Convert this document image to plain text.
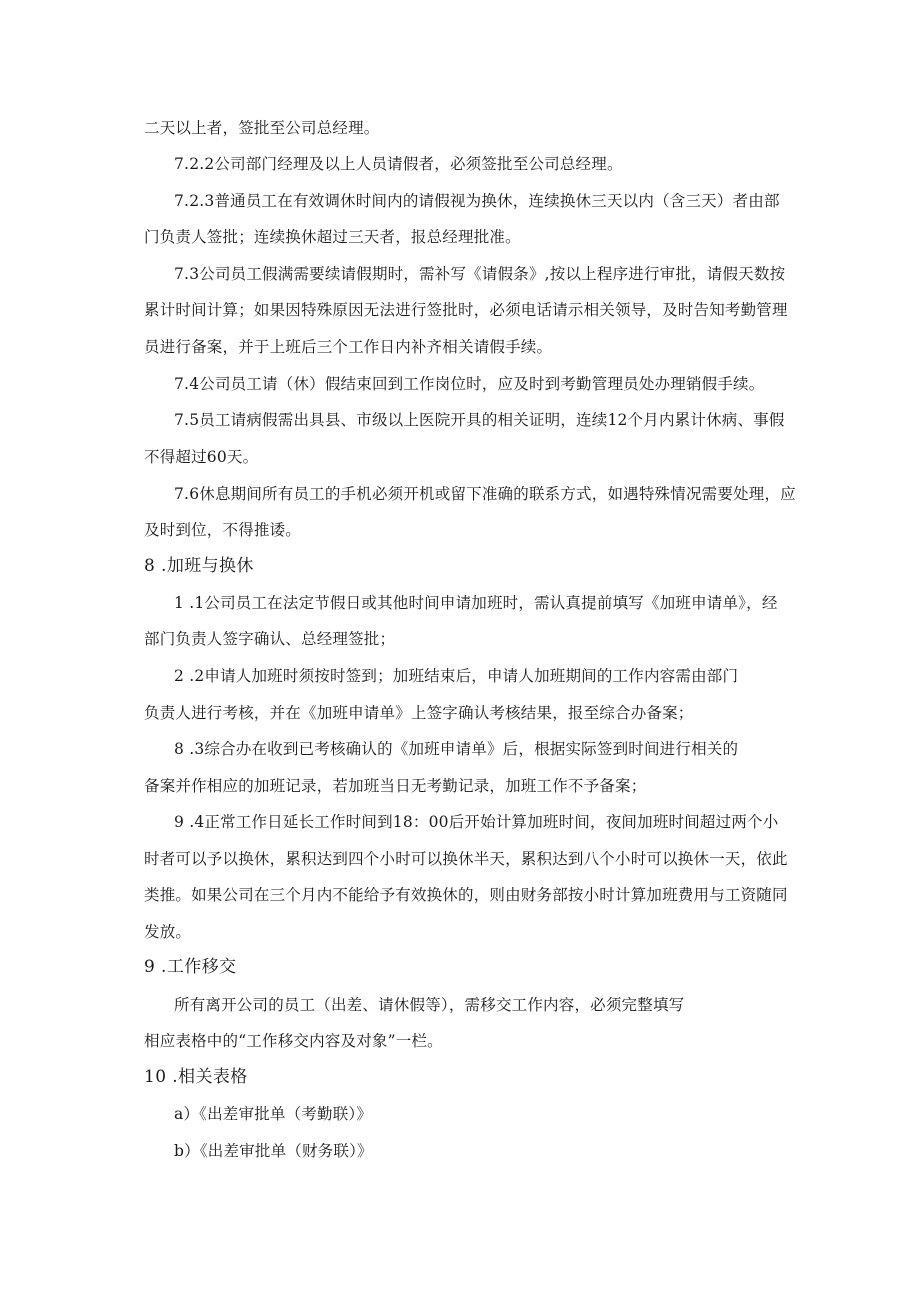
二天以上者，签批至公司总经理。
7.2.2公司部门经理及以上人员请假者，必须签批至公司总经理。
7.2.3普通员工在有效调休时间内的请假视为换休，连续换休三天以内（含三天）者由部
门负责人签批；连续换休超过三天者，报总经理批准。
7.3公司员工假满需要续请假期时，需补写《请假条》,按以上程序进行审批，请假天数按
累计时间计算；如果因特殊原因无法进行签批时，必须电话请示相关领导，及时告知考勤管理
员进行备案，并于上班后三个工作日内补齐相关请假手续。
7.4公司员工请（休）假结束回到工作岗位时，应及时到考勤管理员处办理销假手续。
7.5员工请病假需出具县、市级以上医院开具的相关证明，连续12个月内累计休病、事假
不得超过60天。
7.6休息期间所有员工的手机必须开机或留下准确的联系方式，如遇特殊情况需要处理，应
及时到位，不得推诿。
8 .加班与换休
1 .1公司员工在法定节假日或其他时间申请加班时，需认真提前填写《加班申请单》，经
部门负责人签字确认、总经理签批；
2 .2申请人加班时须按时签到；加班结束后，申请人加班期间的工作内容需由部门
负责人进行考核，并在《加班申请单》上签字确认考核结果，报至综合办备案；
8 .3综合办在收到已考核确认的《加班申请单》后，根据实际签到时间进行相关的
备案并作相应的加班记录，若加班当日无考勤记录，加班工作不予备案；
9 .4正常工作日延长工作时间到18：00后开始计算加班时间，夜间加班时间超过两个小
时者可以予以换休，累积达到四个小时可以换休半天，累积达到八个小时可以换休一天，依此
类推。如果公司在三个月内不能给予有效换休的，则由财务部按小时计算加班费用与工资随同
发放。
9 .工作移交
所有离开公司的员工（出差、请休假等），需移交工作内容，必须完整填写
相应表格中的“工作移交内容及对象”一栏。
10 .相关表格
a）《出差审批单（考勤联）》
b）《出差审批单（财务联）》
